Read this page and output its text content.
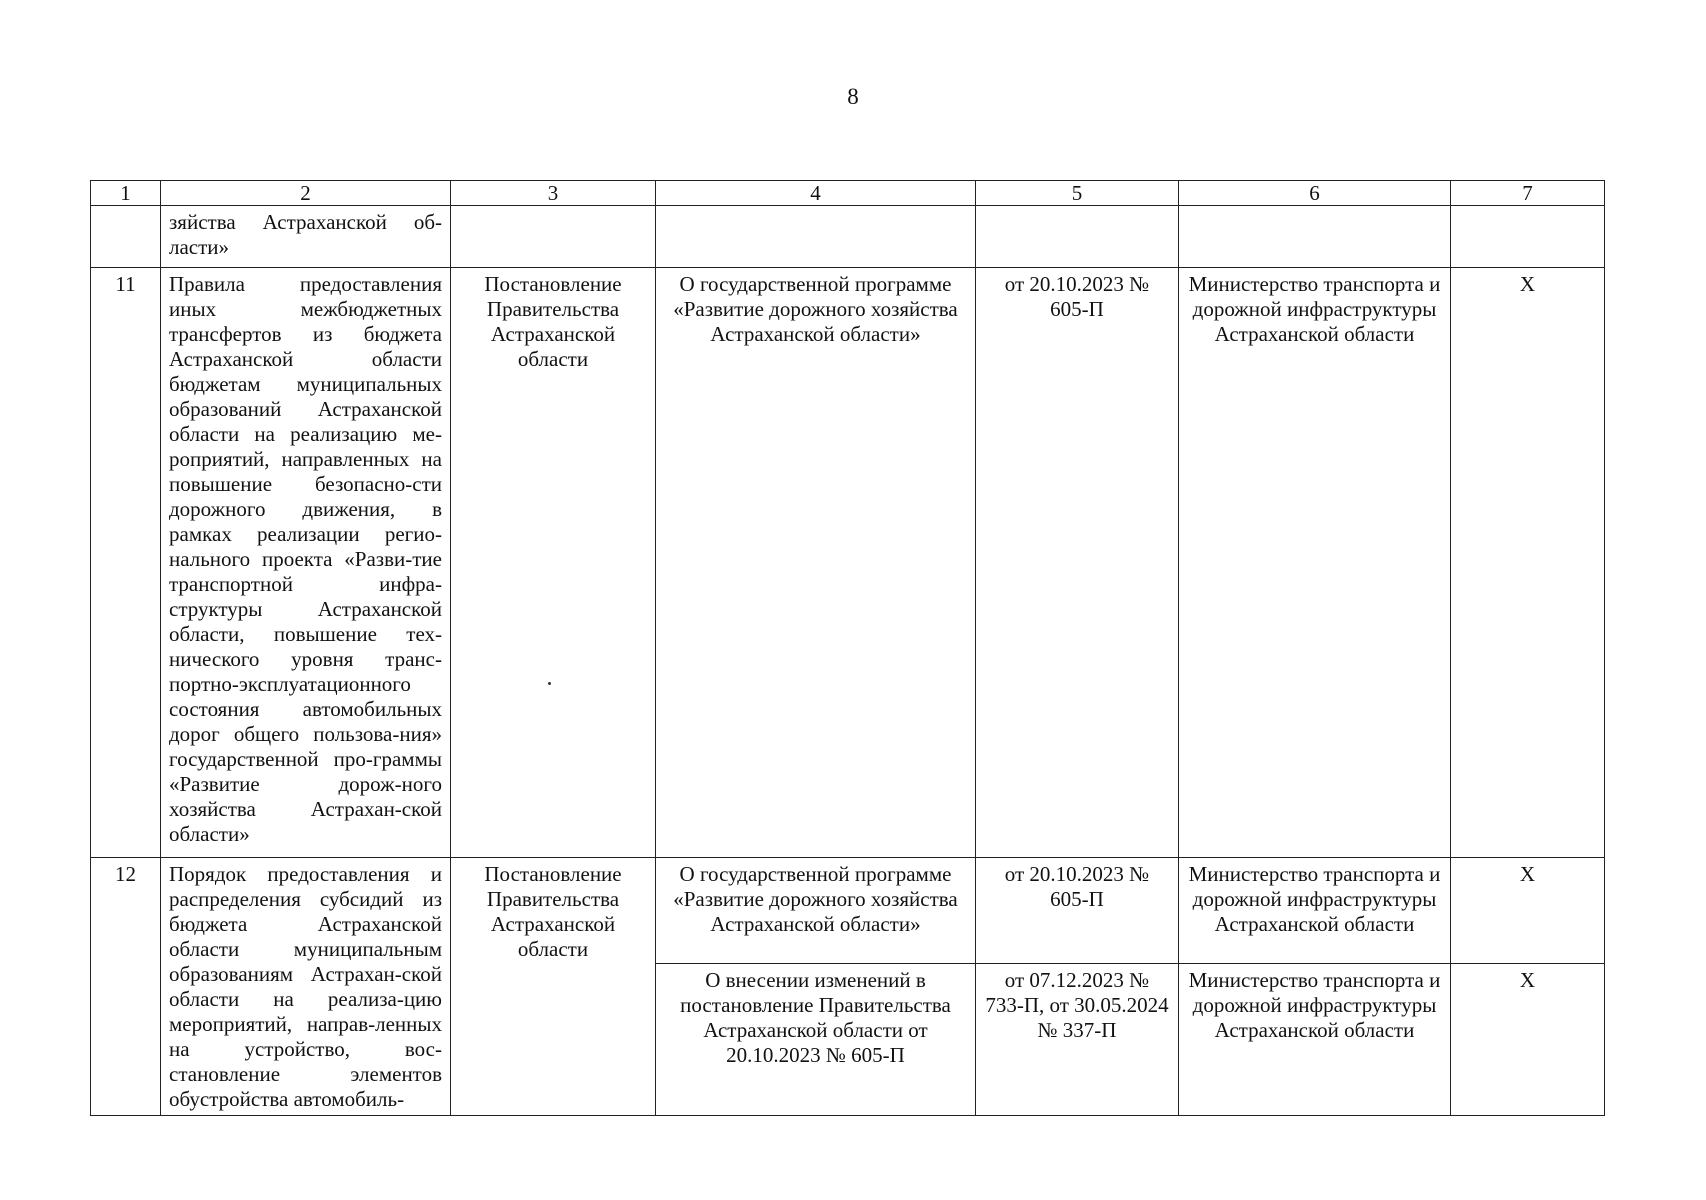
8
1	2	3	4	5	6	7
	зяйства Астраханской об-ласти»					
11	Правила предоставления иных межбюджетных трансфертов из бюджета Астраханской области бюджетам муниципальных образований Астраханской области на реализацию ме-роприятий, направленных на повышение безопасно-сти дорожного движения, в рамках реализации регио-нального проекта «Разви-тие транспортной инфра-структуры Астраханской области, повышение тех-нического уровня транс-портно-эксплуатационного состояния автомобильных дорог общего пользова-ния» государственной про-граммы «Развитие дорож-ного хозяйства Астрахан-ской области»	Постановление Правительства Астраханской области	О государственной программе «Развитие дорожного хозяйства Астраханской области»	от 20.10.2023 № 605-П	Министерство транспорта и дорожной инфраструктуры Астраханской области	Х
12	Порядок предоставления и распределения субсидий из бюджета Астраханской области муниципальным образованиям Астрахан-ской области на реализа-цию мероприятий, направ-ленных на устройство, вос-становление элементов обустройства автомобиль-	Постановление Правительства Астраханской области	О государственной программе «Развитие дорожного хозяйства Астраханской области»	от 20.10.2023 № 605-П	Министерство транспорта и дорожной инфраструктуры Астраханской области	Х
			О внесении изменений в постановление Правительства Астраханской области от 20.10.2023 № 605-П	от 07.12.2023 № 733-П, от 30.05.2024 № 337-П	Министерство транспорта и дорожной инфраструктуры Астраханской области	Х
